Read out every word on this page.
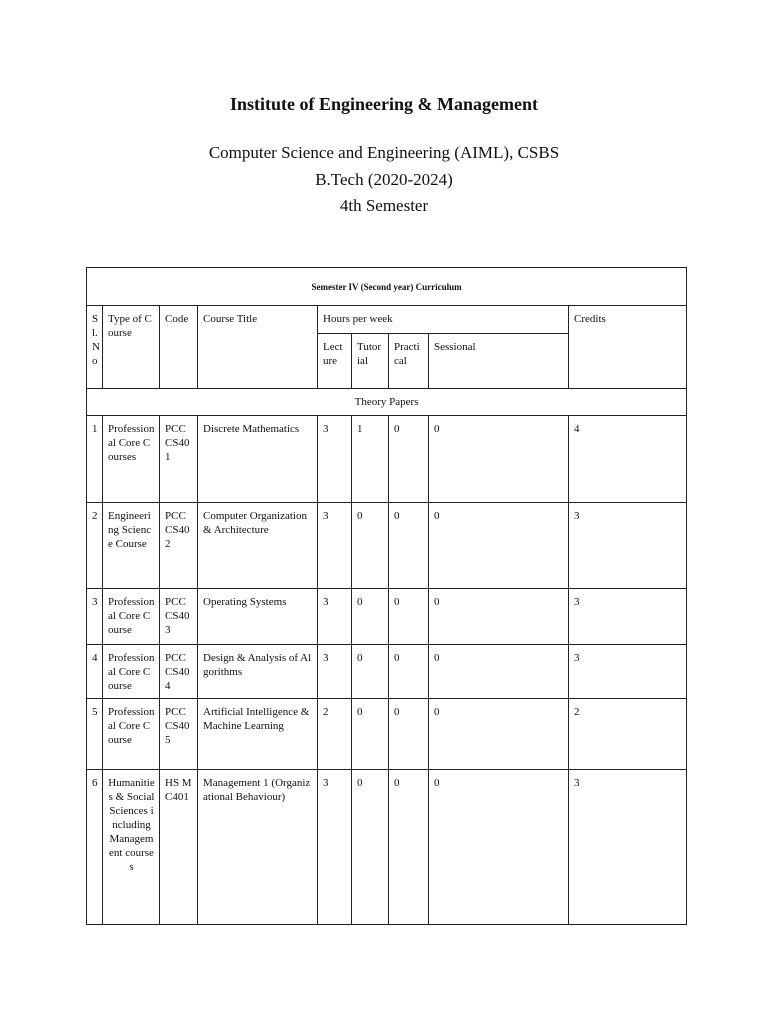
Institute of Engineering & Management
Computer Science and Engineering (AIML), CSBS
B.Tech (2020-2024)
4th Semester
Semester IV (Second year) Curriculum								
Sl. No	Type of Course	Code	Course Title	Hours per week				Credits
				Lecture	Tutorial	Practical	Sessional	
Theory Papers								
1	Professional Core Courses	PCC CS401	Discrete Mathematics	3	1	0	0	4
2	Engineering Science Course	PCC CS402	Computer Organization & Architecture	3	0	0	0	3
3	Professional Core Course	PCC CS403	Operating Systems	3	0	0	0	3
4	Professional Core Course	PCC CS404	Design & Analysis of Algorithms	3	0	0	0	3
5	Professional Core Course	PCC CS405	Artificial Intelligence & Machine Learning	2	0	0	0	2
6	Humanities & Social Sciences including Management courses	HS MC401	Management 1 (Organizational Behaviour)	3	0	0	0	3
